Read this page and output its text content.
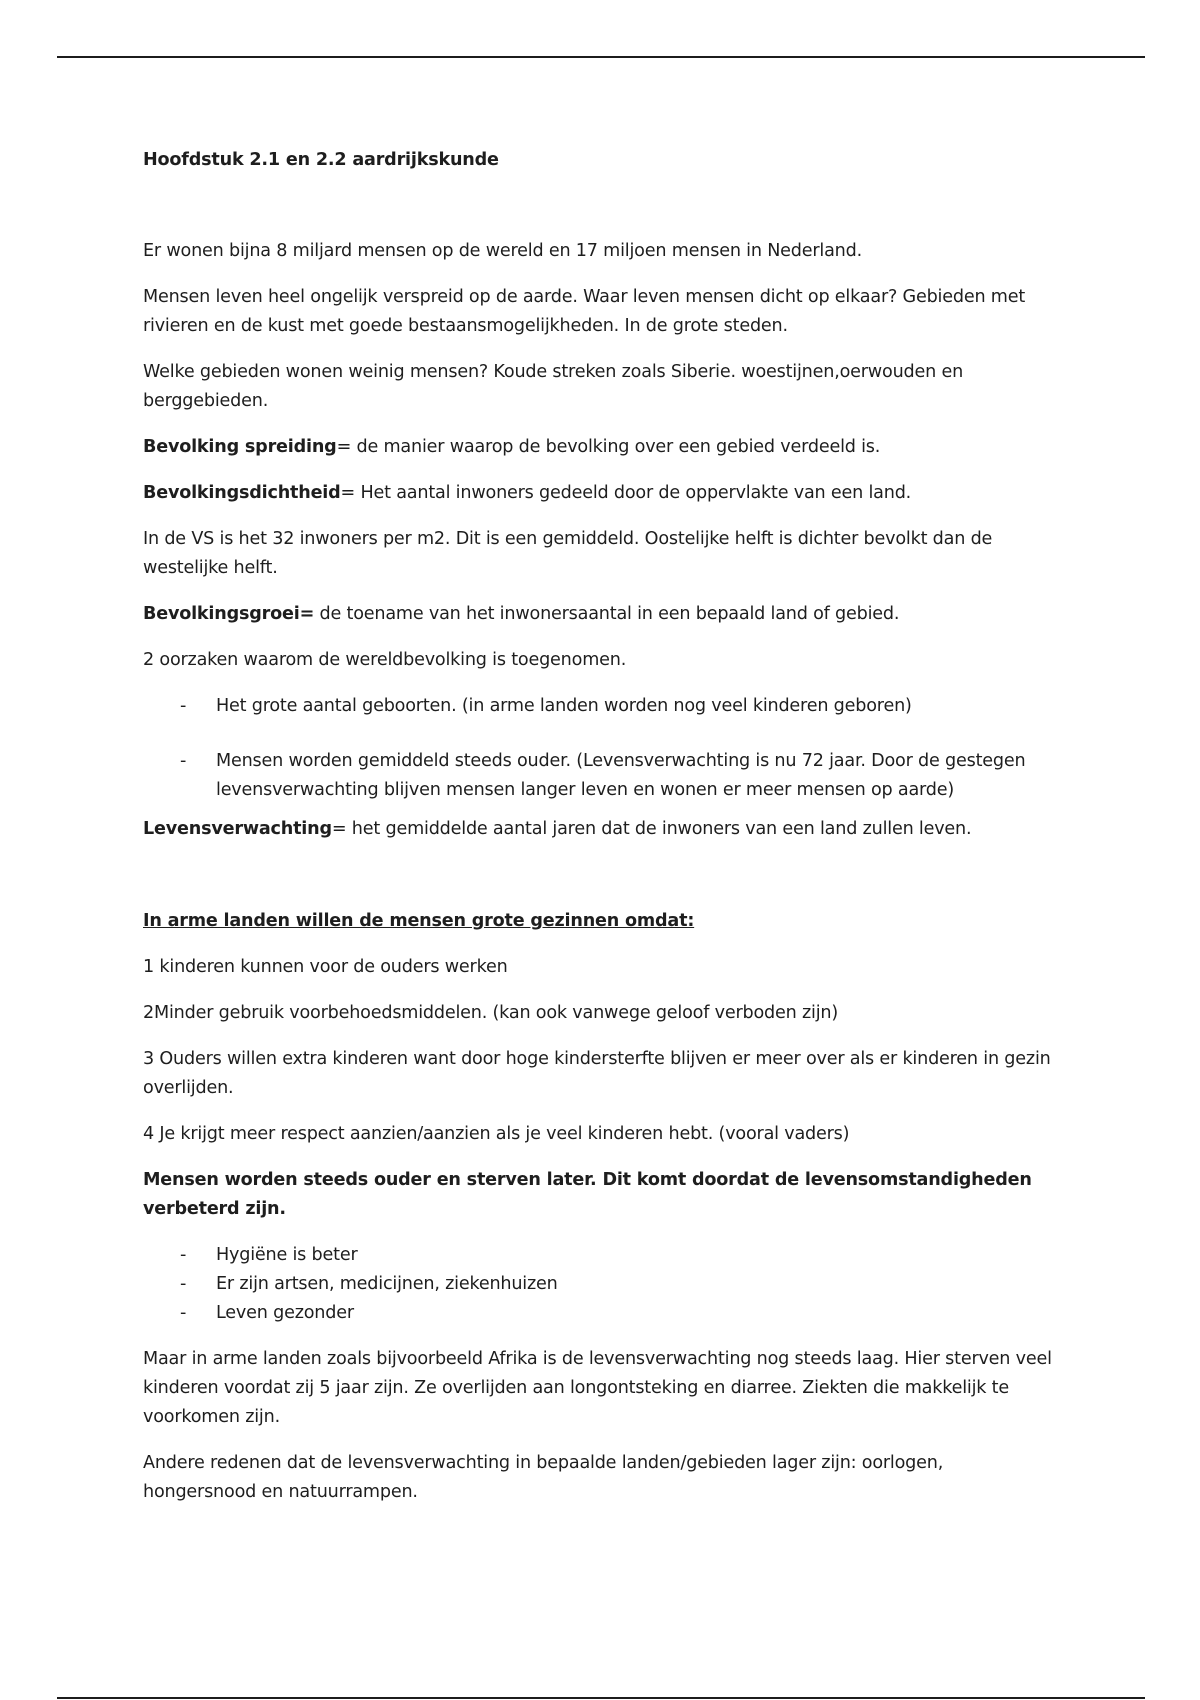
Hoofdstuk 2.1 en 2.2 aardrijkskunde

Er wonen bijna 8 miljard mensen op de wereld en 17 miljoen mensen in Nederland.

Mensen leven heel ongelijk verspreid op de aarde. Waar leven mensen dicht op elkaar? Gebieden met rivieren en de kust met goede bestaansmogelijkheden. In de grote steden.

Welke gebieden wonen weinig mensen? Koude streken zoals Siberie. woestijnen,oerwouden en berggebieden.

Bevolking spreiding= de manier waarop de bevolking over een gebied verdeeld is.

Bevolkingsdichtheid= Het aantal inwoners gedeeld door de oppervlakte van een land.

In de VS is het 32 inwoners per m2. Dit is een gemiddeld. Oostelijke helft is dichter bevolkt dan de westelijke helft.

Bevolkingsgroei= de toename van het inwonersaantal in een bepaald land of gebied.

2 oorzaken waarom de wereldbevolking is toegenomen.

- Het grote aantal geboorten. (in arme landen worden nog veel kinderen geboren)
- Mensen worden gemiddeld steeds ouder. (Levensverwachting is nu 72 jaar. Door de gestegen levensverwachting blijven mensen langer leven en wonen er meer mensen op aarde)

Levensverwachting= het gemiddelde aantal jaren dat de inwoners van een land zullen leven.

In arme landen willen de mensen grote gezinnen omdat:

1 kinderen kunnen voor de ouders werken

2Minder gebruik voorbehoedsmiddelen. (kan ook vanwege geloof verboden zijn)

3 Ouders willen extra kinderen want door hoge kindersterfte blijven er meer over als er kinderen in gezin overlijden.

4 Je krijgt meer respect aanzien/aanzien als je veel kinderen hebt. (vooral vaders)

Mensen worden steeds ouder en sterven later. Dit komt doordat de levensomstandigheden verbeterd zijn.

- Hygiëne is beter
- Er zijn artsen, medicijnen, ziekenhuizen
- Leven gezonder

Maar in arme landen zoals bijvoorbeeld Afrika is de levensverwachting nog steeds laag. Hier sterven veel kinderen voordat zij 5 jaar zijn. Ze overlijden aan longontsteking en diarree. Ziekten die makkelijk te voorkomen zijn.

Andere redenen dat de levensverwachting in bepaalde landen/gebieden lager zijn: oorlogen, hongersnood en natuurrampen.
